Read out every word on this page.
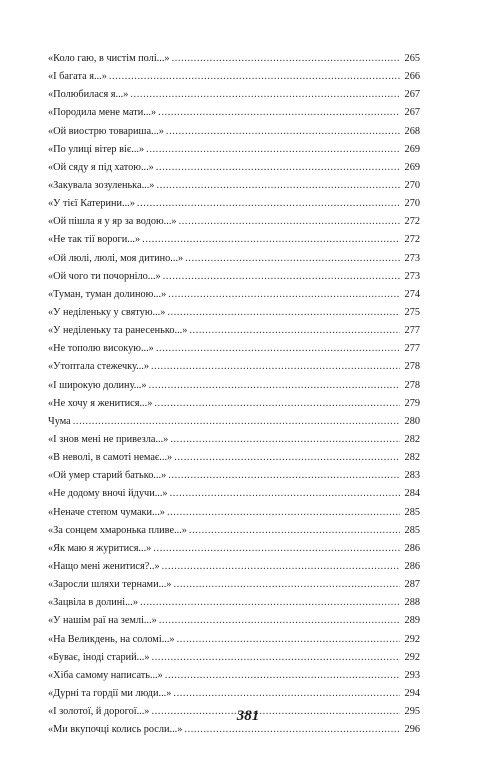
«Коло гаю, в чистім полі...» .....	265
«І багата я...» .....	266
«Полюбилася я...» .....	267
«Породила мене мати...» .....	267
«Ой виострю товариша...» .....	268
«По улиці вітер віє...» .....	269
«Ой сяду я під хатою...» .....	269
«Закувала зозуленька...» .....	270
«У тієї Катерини...» .....	270
«Ой пішла я у яр за водою...» .....	272
«Не так тії вороги...» .....	272
«Ой люлі, люлі, моя дитино...» .....	273
«Ой чого ти почорніло...» .....	273
«Туман, туман долиною...» .....	274
«У неділеньку у святую...» .....	275
«У неділеньку та ранесенько...» .....	277
«Не тополю високую...» .....	277
«Утоптала стежечку...» .....	278
«І широкую долину...» .....	278
«Не хочу я женитися...» .....	279
Чума .....	280
«І знов мені не привезла...» .....	282
«В неволі, в самоті немає...» .....	282
«Ой умер старий батько...» .....	283
«Не додому вночі йдучи...» .....	284
«Неначе степом чумаки...» .....	285
«За сонцем хмаронька пливе...» .....	285
«Як маю я журитися...» .....	286
«Нащо мені женитися?..» .....	286
«Заросли шляхи тернами...» .....	287
«Зацвіла в долині...» .....	288
«У нашім раї на землі...» .....	289
«На Великдень, на соломі...» .....	292
«Буває, іноді старий...» .....	292
«Хіба самому написать...» .....	293
«Дурні та гордії ми люди...» .....	294
«І золотої, й дорогої...» .....	295
«Ми вкупочці колись росли...» .....	296
381
